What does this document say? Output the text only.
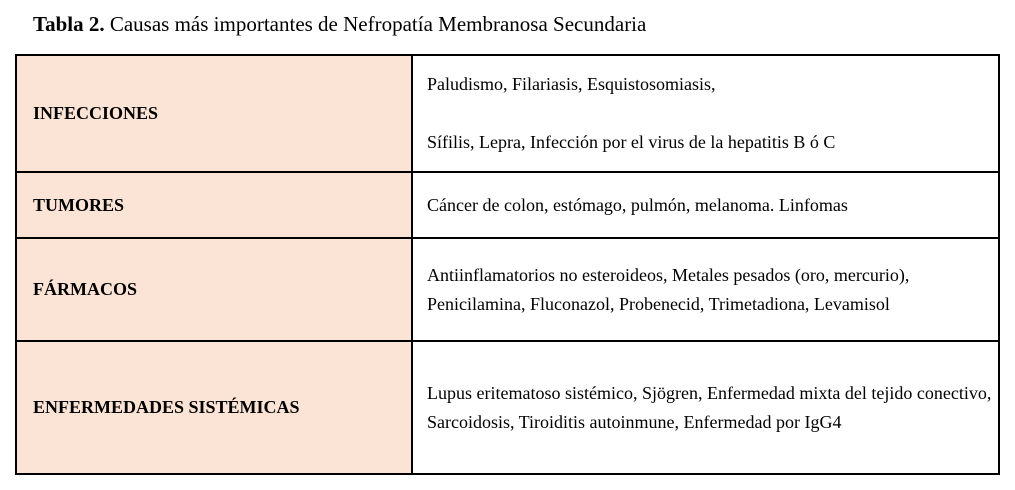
Tabla 2. Causas más importantes de Nefropatía Membranosa Secundaria
INFECCIONES	Paludismo, Filariasis, Esquistosomiasis,
Sífilis, Lepra, Infección por el virus de la hepatitis B ó C

TUMORES	Cáncer de colon, estómago, pulmón, melanoma. Linfomas
FÁRMACOS	Antiinflamatorios no esteroideos, Metales pesados (oro, mercurio),
Penicilamina, Fluconazol, Probenecid, Trimetadiona, Levamisol

ENFERMEDADES SISTÉMICAS	Lupus eritematoso sistémico, Sjögren, Enfermedad mixta del tejido conectivo, Sarcoidosis, Tiroiditis autoinmune, Enfermedad por IgG4
